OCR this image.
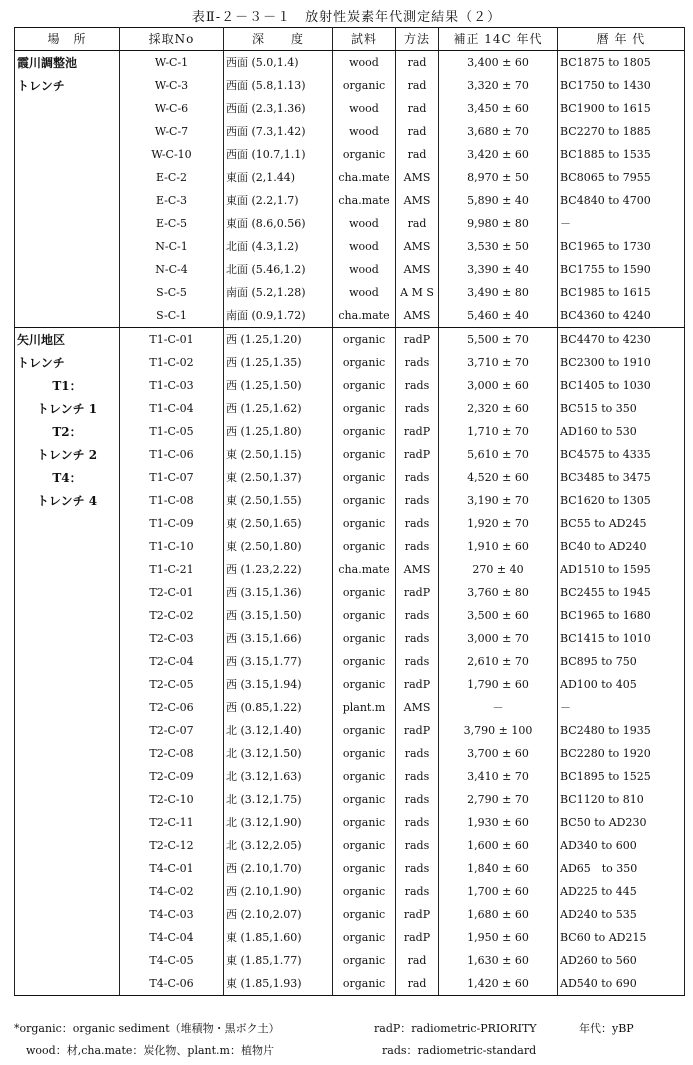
表Ⅱ-２－３－１　放射性炭素年代測定結果（２）
場　所	採取No	深　　度	試料	方法	補正 14C 年代	暦 年 代
霞川調整池	W-C-1	西面 (5.0,1.4)	wood	rad	3,400 ± 60	BC1875 to 1805
トレンチ	W-C-3	西面 (5.8,1.13)	organic	rad	3,320 ± 70	BC1750 to 1430
	W-C-6	西面 (2.3,1.36)	wood	rad	3,450 ± 60	BC1900 to 1615
	W-C-7	西面 (7.3,1.42)	wood	rad	3,680 ± 70	BC2270 to 1885
	W-C-10	西面 (10.7,1.1)	organic	rad	3,420 ± 60	BC1885 to 1535
	E-C-2	東面 (2,1.44)	cha.mate	AMS	8,970 ± 50	BC8065 to 7955
	E-C-3	東面 (2.2,1.7)	cha.mate	AMS	5,890 ± 40	BC4840 to 4700
	E-C-5	東面 (8.6,0.56)	wood	rad	9,980 ± 80	－
	N-C-1	北面 (4.3,1.2)	wood	AMS	3,530 ± 50	BC1965 to 1730
	N-C-4	北面 (5.46,1.2)	wood	AMS	3,390 ± 40	BC1755 to 1590
	S-C-5	南面 (5.2,1.28)	wood	A M S	3,490 ± 80	BC1985 to 1615
	S-C-1	南面 (0.9,1.72)	cha.mate	AMS	5,460 ± 40	BC4360 to 4240
矢川地区	T1-C-01	西 (1.25,1.20)	organic	radP	5,500 ± 70	BC4470 to 4230
トレンチ	T1-C-02	西 (1.25,1.35)	organic	rads	3,710 ± 70	BC2300 to 1910
T1：	T1-C-03	西 (1.25,1.50)	organic	rads	3,000 ± 60	BC1405 to 1030
トレンチ 1	T1-C-04	西 (1.25,1.62)	organic	rads	2,320 ± 60	BC515 to 350
T2：	T1-C-05	西 (1.25,1.80)	organic	radP	1,710 ± 70	AD160 to 530
トレンチ 2	T1-C-06	東 (2.50,1.15)	organic	radP	5,610 ± 70	BC4575 to 4335
T4：	T1-C-07	東 (2.50,1.37)	organic	rads	4,520 ± 60	BC3485 to 3475
トレンチ 4	T1-C-08	東 (2.50,1.55)	organic	rads	3,190 ± 70	BC1620 to 1305
	T1-C-09	東 (2.50,1.65)	organic	rads	1,920 ± 70	BC55 to AD245
	T1-C-10	東 (2.50,1.80)	organic	rads	1,910 ± 60	BC40 to AD240
	T1-C-21	西 (1.23,2.22)	cha.mate	AMS	270 ± 40	AD1510 to 1595
	T2-C-01	西 (3.15,1.36)	organic	radP	3,760 ± 80	BC2455 to 1945
	T2-C-02	西 (3.15,1.50)	organic	rads	3,500 ± 60	BC1965 to 1680
	T2-C-03	西 (3.15,1.66)	organic	rads	3,000 ± 70	BC1415 to 1010
	T2-C-04	西 (3.15,1.77)	organic	rads	2,610 ± 70	BC895 to 750
	T2-C-05	西 (3.15,1.94)	organic	radP	1,790 ± 60	AD100 to 405
	T2-C-06	西 (0.85,1.22)	plant.m	AMS	－	－
	T2-C-07	北 (3.12,1.40)	organic	radP	3,790 ± 100	BC2480 to 1935
	T2-C-08	北 (3.12,1.50)	organic	rads	3,700 ± 60	BC2280 to 1920
	T2-C-09	北 (3.12,1.63)	organic	rads	3,410 ± 70	BC1895 to 1525
	T2-C-10	北 (3.12,1.75)	organic	rads	2,790 ± 70	BC1120 to 810
	T2-C-11	北 (3.12,1.90)	organic	rads	1,930 ± 60	BC50 to AD230
	T2-C-12	北 (3.12,2.05)	organic	rads	1,600 ± 60	AD340 to 600
	T4-C-01	西 (2.10,1.70)	organic	rads	1,840 ± 60	AD65　to 350
	T4-C-02	西 (2.10,1.90)	organic	rads	1,700 ± 60	AD225 to 445
	T4-C-03	西 (2.10,2.07)	organic	radP	1,680 ± 60	AD240 to 535
	T4-C-04	東 (1.85,1.60)	organic	radP	1,950 ± 60	BC60 to AD215
	T4-C-05	東 (1.85,1.77)	organic	rad	1,630 ± 60	AD260 to 560
	T4-C-06	東 (1.85,1.93)	organic	rad	1,420 ± 60	AD540 to 690
*organic：organic sediment（堆積物・黒ボク土）	radP：radiometric-PRIORITY	年代：yBP
wood：材,cha.mate：炭化物、plant.m：植物片	rads：radiometric-standard
